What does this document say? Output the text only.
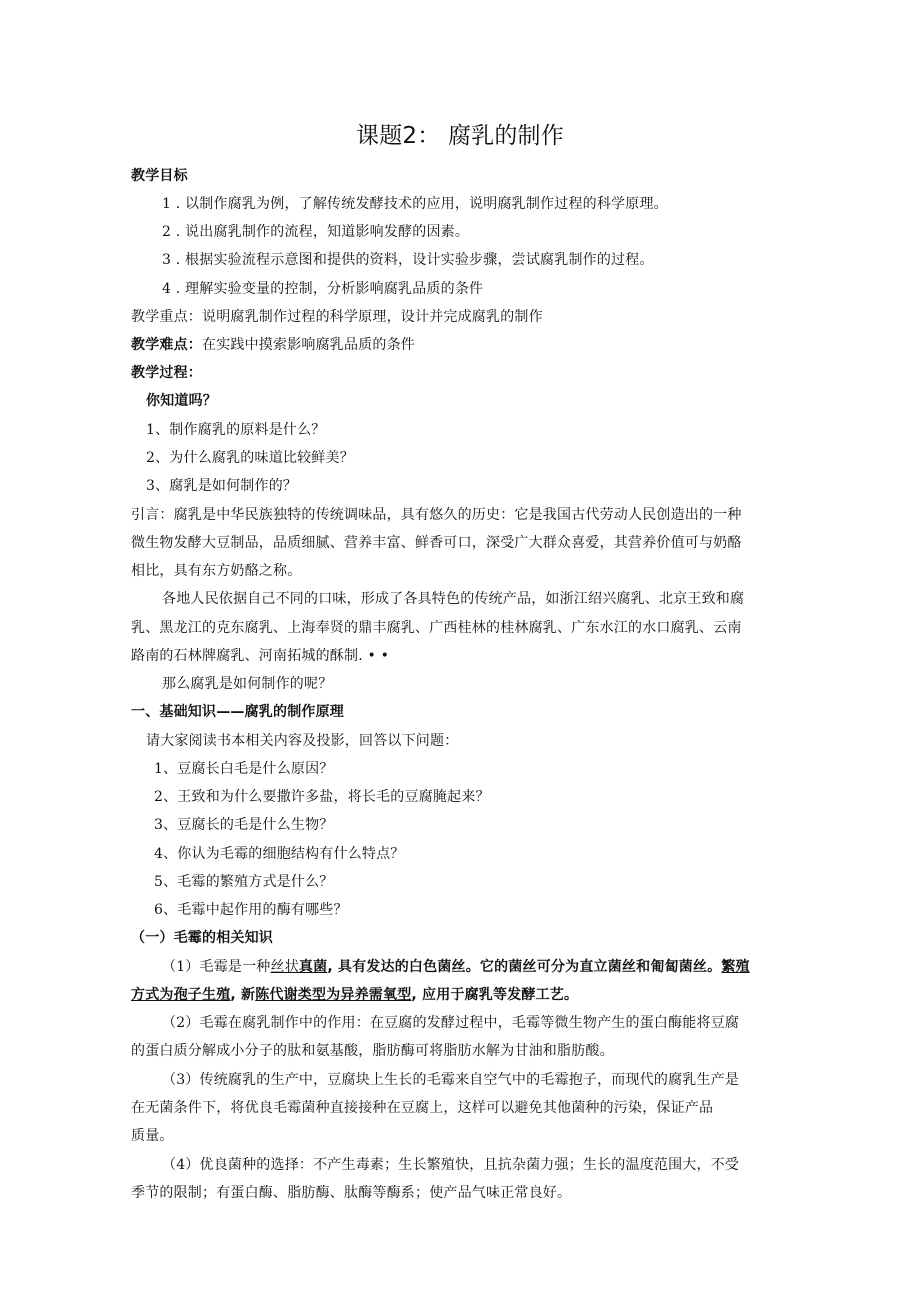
课题2： 腐乳的制作
教学目标
1 . 以制作腐乳为例，了解传统发酵技术的应用，说明腐乳制作过程的科学原理。
2 . 说出腐乳制作的流程，知道影响发酵的因素。
3 . 根据实验流程示意图和提供的资料，设计实验步骤，尝试腐乳制作的过程。
4 . 理解实验变量的控制，分析影响腐乳品质的条件
教学重点：说明腐乳制作过程的科学原理，设计并完成腐乳的制作
教学难点：在实践中摸索影响腐乳品质的条件
教学过程：
你知道吗？
1、制作腐乳的原料是什么？
2、为什么腐乳的味道比较鲜美？
3、腐乳是如何制作的？
引言：腐乳是中华民族独特的传统调味品，具有悠久的历史：它是我国古代劳动人民创造出的一种
微生物发酵大豆制品，品质细腻、营养丰富、鲜香可口，深受广大群众喜爱，其营养价值可与奶酪
相比，具有东方奶酪之称。
各地人民依据自己不同的口味，形成了各具特色的传统产品，如浙江绍兴腐乳、北京王致和腐
乳、黑龙江的克东腐乳、上海奉贤的鼎丰腐乳、广西桂林的桂林腐乳、广东水江的水口腐乳、云南
路南的石林牌腐乳、河南拓城的酥制. • •
那么腐乳是如何制作的呢？
一、基础知识——腐乳的制作原理
请大家阅读书本相关内容及投影，回答以下问题：
1、豆腐长白毛是什么原因？
2、王致和为什么要撒许多盐，将长毛的豆腐腌起来？
3、豆腐长的毛是什么生物？
4、你认为毛霉的细胞结构有什么特点？
5、毛霉的繁殖方式是什么？
6、毛霉中起作用的酶有哪些？
（一）毛霉的相关知识
（1）毛霉是一种丝状真菌, 具有发达的白色菌丝。它的菌丝可分为直立菌丝和匍匐菌丝。繁殖
方式为孢子生殖, 新陈代谢类型为异养需氧型, 应用于腐乳等发酵工艺。
（2）毛霉在腐乳制作中的作用：在豆腐的发酵过程中，毛霉等微生物产生的蛋白酶能将豆腐
的蛋白质分解成小分子的肽和氨基酸，脂肪酶可将脂肪水解为甘油和脂肪酸。
（3）传统腐乳的生产中，豆腐块上生长的毛霉来自空气中的毛霉抱子，而现代的腐乳生产是
在无菌条件下，将优良毛霉菌种直接接种在豆腐上，这样可以避免其他菌种的污染，保证产品
质量。
（4）优良菌种的选择：不产生毒素；生长繁殖快，且抗杂菌力强；生长的温度范围大，不受
季节的限制；有蛋白酶、脂肪酶、肽酶等酶系；使产品气味正常良好。
